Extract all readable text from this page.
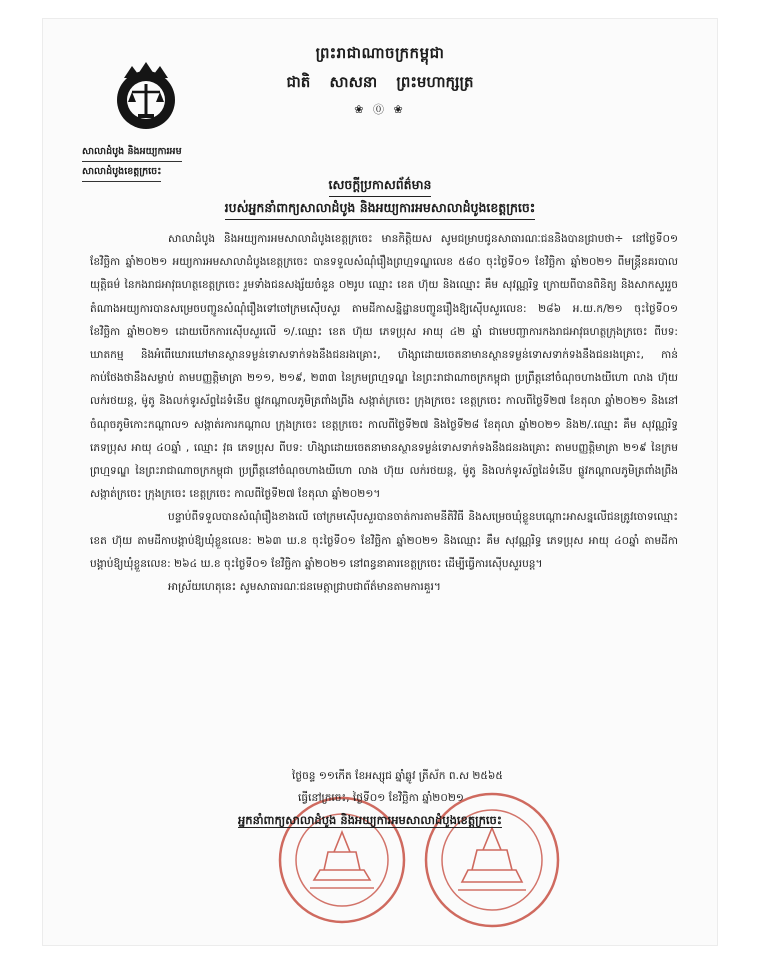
ព្រះរាជាណាចក្រកម្ពុជា
ជាតិ សាសនា ព្រះមហាក្សត្រ
❀ ⓪ ❀
សាលាដំបូង និងអយ្យការអម
សាលាដំបូងខេត្តក្រចេះ
សេចក្តីប្រកាសព័ត៌មាន
របស់អ្នកនាំពាក្យសាលាដំបូង និងអយ្យការអមសាលាដំបូងខេត្តក្រចេះ

សាលាដំបូង និងអយ្យការអមសាលាដំបូងខេត្តក្រចេះ មានកិត្តិយស សូមជម្រាបជូនសាធារណៈជននិងបានជ្រាបថា÷ នៅថ្ងៃទី០១ ខែវិច្ឆិកា ឆ្នាំ២០២១ អយ្យការអមសាលាដំបូងខេត្តក្រចេះ បានទទួលសំណុំរឿងព្រហ្មទណ្ឌលេខ ៥៨០ ចុះថ្ងៃទី០១ ខែវិច្ឆិកា ឆ្នាំ២០២១ ពីមន្ត្រីនគរបាលយុត្តិធម៌ នៃកងរាជអាវុធហត្ថខេត្តក្រចេះ រួមទាំងជនសង្ស័យចំនួន ០២រូប ឈ្មោះ ខេត ហ៊ុយ និងឈ្មោះ គឹម សុវណ្ណរិទ្ធ ក្រោយពីបានពិនិត្យ និងសាកសួររួច តំណាងអយ្យការបានសម្រេចបញ្ជូនសំណុំរឿងទៅចៅក្រមស៊ើបសួរ តាមដីកាសន្និដ្ឋានបញ្ជូនរឿងឱ្យស៊ើបសួរលេខ: ២៨៦ អ.យ.ក/២១ ចុះថ្ងៃទី០១ ខែវិច្ឆិកា ឆ្នាំ២០២១ ដោយបើកការស៊ើបសួរលើ ១/.ឈ្មោះ ខេត ហ៊ុយ ភេទប្រុស អាយុ ៤២ ឆ្នាំ ជាមេបញ្ជាការកងរាជអាវុធហត្ថក្រុងក្រចេះ ពីបទ: ឃាតកម្ម និងអំពើឃោរឃៅមានស្ថានទម្ងន់ទោសទាក់ទងនឹងជនរងគ្រោះ, ហិង្សាដោយចេតនាមានស្ថានទម្ងន់ទោសទាក់ទងនឹងជនរងគ្រោះ, កាន់កាប់ថែងថានឹងសម្លាប់ តាមបញ្ញត្តិមាត្រា ២១១, ២១៩, ២៣៣ នៃក្រមព្រហ្មទណ្ឌ នៃព្រះរាជាណាចក្រកម្ពុជា ប្រព្រឹត្តនៅចំណុចហាងយីហោ លាង ហ៊ុយ លក់រថយន្ត, ម៉ូតូ និងលក់ទូរស័ព្ទដៃទំនើប ផ្លូវកណ្តាលភូមិត្រពាំងព្រីង សង្កាត់ក្រចេះ ក្រុងក្រចេះ ខេត្តក្រចេះ កាលពីថ្ងៃទី២៧ ខែតុលា ឆ្នាំ២០២១ និងនៅចំណុចភូមិកោះកណ្តាល១ សង្កាត់រការកណ្តាល ក្រុងក្រចេះ ខេត្តក្រចេះ កាលពីថ្ងៃទី២៧ និងថ្ងៃទី២៨ ខែតុលា ឆ្នាំ២០២១ និង២/.ឈ្មោះ គឹម សុវណ្ណរិទ្ធ ភេទប្រុស អាយុ ៤០ឆ្នាំ , ឈ្មោះ វុធ ភេទប្រុស ពីបទ: ហិង្សាដោយចេតនាមានស្ថានទម្ងន់ទោសទាក់ទងនឹងជនរងគ្រោះ តាមបញ្ញត្តិមាត្រា ២១៩ នៃក្រមព្រហ្មទណ្ឌ នៃព្រះរាជាណាចក្រកម្ពុជា ប្រព្រឹត្តនៅចំណុចហាងយីហោ លាង ហ៊ុយ លក់រថយន្ត, ម៉ូតូ និងលក់ទូរស័ព្ទដៃទំនើប ផ្លូវកណ្តាលភូមិត្រពាំងព្រីង សង្កាត់ក្រចេះ ក្រុងក្រចេះ ខេត្តក្រចេះ កាលពីថ្ងៃទី២៧ ខែតុលា ឆ្នាំ២០២១។

បន្ទាប់ពីទទួលបានសំណុំរឿងខាងលើ ចៅក្រមស៊ើបសួរបានចាត់ការតាមនីតិវិធី និងសម្រេចឃុំខ្លួនបណ្តោះអាសន្នលើជនត្រូវចោទឈ្មោះ ខេត ហ៊ុយ តាមដីកាបង្គាប់ឱ្យឃុំខ្លួនលេខ: ២៦៣ ឃ.ខ ចុះថ្ងៃទី០១ ខែវិច្ឆិកា ឆ្នាំ២០២១ និងឈ្មោះ គឹម សុវណ្ណរិទ្ធ ភេទប្រុស អាយុ ៤០ឆ្នាំ តាមដីកាបង្គាប់ឱ្យឃុំខ្លួនលេខ: ២៦៤ ឃ.ខ ចុះថ្ងៃទី០១ ខែវិច្ឆិកា ឆ្នាំ២០២១ នៅពន្ធនាគារខេត្តក្រចេះ ដើម្បីធ្វើការស៊ើបសួរបន្ត។

អាស្រ័យហេតុនេះ សូមសាធារណៈជនមេត្តាជ្រាបជាព័ត៌មានតាមការគួរ។

ថ្ងៃចន្ទ ១១កើត ខែអស្សុជ ឆ្នាំឆ្លូវ ត្រីស័ក ព.ស ២៥៦៥
ធ្វើនៅក្រចេះ, ថ្ងៃទី០១ ខែវិច្ឆិកា ឆ្នាំ២០២១
អ្នកនាំពាក្យសាលាដំបូង និងអយ្យការអមសាលាដំបូងខេត្តក្រចេះ
